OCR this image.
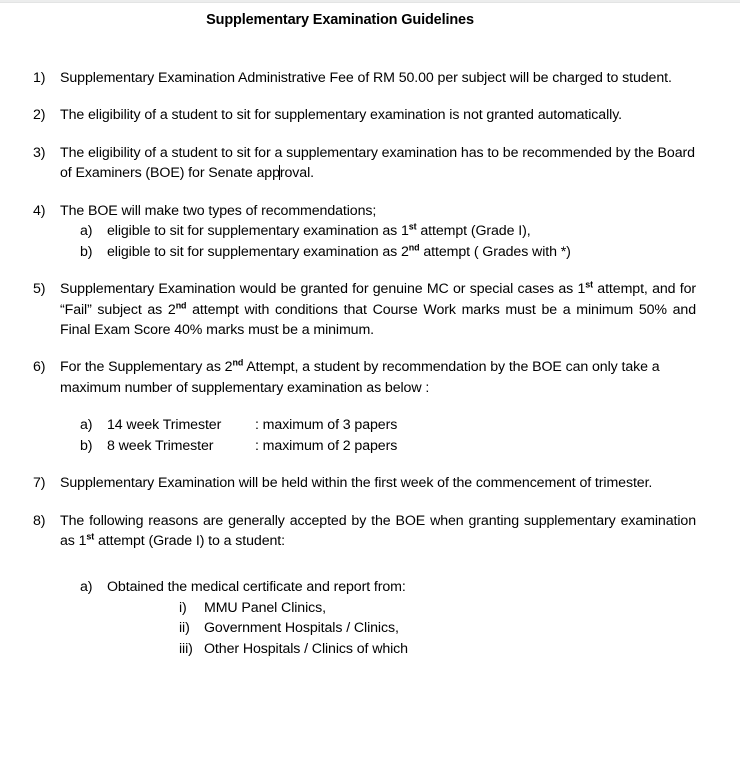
Supplementary Examination Guidelines
1)	Supplementary Examination Administrative Fee of RM 50.00 per subject will be charged to student.

2)	The eligibility of a student to sit for supplementary examination is not granted automatically.

3)	The eligibility of a student to sit for a supplementary examination has to be recommended by the Board of Examiners (BOE) for Senate approval.

4)	The BOE will make two types of recommendations;

a)	eligible to sit for supplementary examination as 1st attempt (Grade I),
b)	eligible to sit for supplementary examination as 2nd attempt ( Grades with *)
5)	Supplementary Examination would be granted for genuine MC or special cases as 1st attempt, and for “Fail” subject as 2nd attempt with conditions that Course Work marks must be a minimum 50% and Final Exam Score 40% marks must be a minimum.

6)	For the Supplementary as 2nd Attempt, a student by recommendation by the BOE can only take a maximum number of supplementary examination as below :

a)	14 week Trimester	: maximum of 3 papers
b)	8 week Trimester	: maximum of 2 papers
7)	Supplementary Examination will be held within the first week of the commencement of trimester.

8)	The following reasons are generally accepted by the BOE when granting supplementary examination as 1st attempt (Grade I) to a student:

a)	Obtained the medical certificate and report from:
i)	MMU Panel Clinics,
ii)	Government Hospitals / Clinics,
iii) Other Hospitals / Clinics of which
